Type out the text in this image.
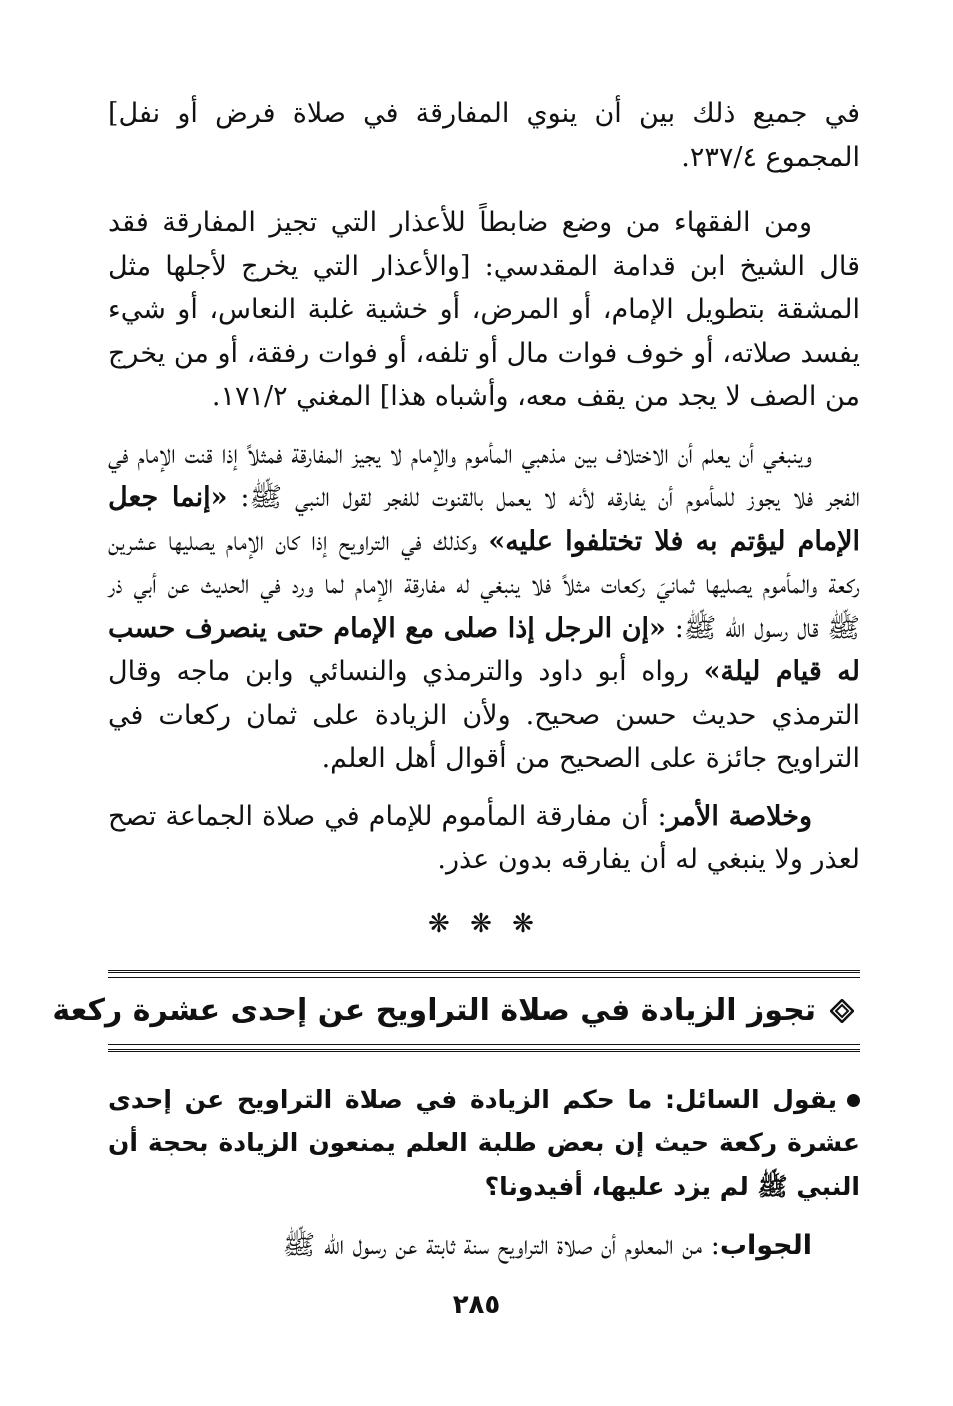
في جميع ذلك بين أن ينوي المفارقة في صلاة فرض أو نفل] المجموع ٢٣٧/٤.

ومن الفقهاء من وضع ضابطاً للأعذار التي تجيز المفارقة فقد قال الشيخ ابن قدامة المقدسي: [والأعذار التي يخرج لأجلها مثل المشقة بتطويل الإمام، أو المرض، أو خشية غلبة النعاس، أو شيء يفسد صلاته، أو خوف فوات مال أو تلفه، أو فوات رفقة، أو من يخرج من الصف لا يجد من يقف معه، وأشباه هذا] المغني ١٧١/٢.

وينبغي أن يعلم أن الاختلاف بين مذهبي المأموم والإمام لا يجيز المفارقة فمثلاً إذا قنت الإمام في الفجر فلا يجوز للمأموم أن يفارقه لأنه لا يعمل بالقنوت للفجر لقول النبي ﷺ: «إنما جعل الإمام ليؤتم به فلا تختلفوا عليه» وكذلك في التراويح إذا كان الإمام يصليها عشرين ركعة والمأموم يصليها ثمانيَ ركعات مثلاً فلا ينبغي له مفارقة الإمام لما ورد في الحديث عن أبي ذر ﷺ قال رسول الله ﷺ: «إن الرجل إذا صلى مع الإمام حتى ينصرف حسب له قيام ليلة» رواه أبو داود والترمذي والنسائي وابن ماجه وقال الترمذي حديث حسن صحيح. ولأن الزيادة على ثمان ركعات في التراويح جائزة على الصحيح من أقوال أهل العلم.

وخلاصة الأمر: أن مفارقة المأموم للإمام في صلاة الجماعة تصح لعذر ولا ينبغي له أن يفارقه بدون عذر.

❋ ❋ ❋
تجوز الزيادة في صلاة التراويح عن إحدى عشرة ركعة

يقول السائل: ما حكم الزيادة في صلاة التراويح عن إحدى عشرة ركعة حيث إن بعض طلبة العلم يمنعون الزيادة بحجة أن النبي ﷺ لم يزد عليها، أفيدونا؟

الجواب: من المعلوم أن صلاة التراويح سنة ثابتة عن رسول الله ﷺ

٢٨٥
